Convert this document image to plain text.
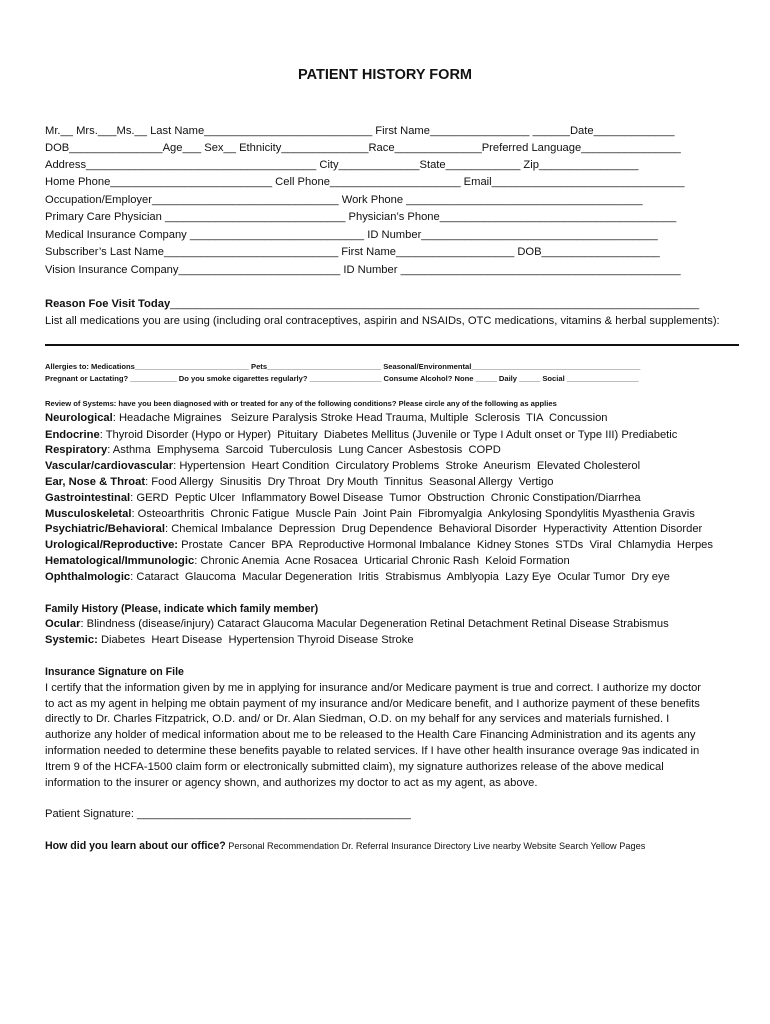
PATIENT HISTORY FORM
Mr.__ Mrs.___Ms.__ Last Name___________________________ First Name________________ ______Date_____________
DOB_______________Age___ Sex__ Ethnicity______________Race______________Preferred Language________________
Address_____________________________________ City_____________State____________ Zip________________
Home Phone__________________________ Cell Phone_____________________ Email_______________________________
Occupation/Employer______________________________ Work Phone ______________________________________
Primary Care Physician _____________________________ Physician’s Phone______________________________________
Medical Insurance Company ____________________________ ID Number______________________________________
Subscriber’s Last Name____________________________ First Name___________________ DOB___________________
Vision Insurance Company__________________________ ID Number _____________________________________________
Reason Foe Visit Today_____________________________________________________________________________________
List all medications you are using (including oral contraceptives, aspirin and NSAIDs, OTC medications, vitamins & herbal supplements):
Allergies to: Medications___________________________ Pets___________________________ Seasonal/Environmental________________________________________
Pregnant or Lactating? ___________ Do you smoke cigarettes regularly? _________________ Consume Alcohol? None _____ Daily _____ Social _________________
Review of Systems: have you been diagnosed with or treated for any of the following conditions? Please circle any of the following as applies
Neurological: Headache Migraines   Seizure Paralysis Stroke Head Trauma, Multiple  Sclerosis  TIA  Concussion
Endocrine: Thyroid Disorder (Hypo or Hyper)  Pituitary  Diabetes Mellitus (Juvenile or Type I Adult onset or Type III) Prediabetic
Respiratory: Asthma  Emphysema  Sarcoid  Tuberculosis  Lung Cancer  Asbestosis  COPD
Vascular/cardiovascular: Hypertension  Heart Condition  Circulatory Problems  Stroke  Aneurism  Elevated Cholesterol
Ear, Nose & Throat: Food Allergy  Sinusitis  Dry Throat  Dry Mouth  Tinnitus  Seasonal Allergy  Vertigo
Gastrointestinal: GERD  Peptic Ulcer  Inflammatory Bowel Disease  Tumor  Obstruction  Chronic Constipation/Diarrhea
Musculoskeletal: Osteoarthritis  Chronic Fatigue  Muscle Pain  Joint Pain  Fibromyalgia  Ankylosing Spondylitis Myasthenia Gravis
Psychiatric/Behavioral: Chemical Imbalance  Depression  Drug Dependence  Behavioral Disorder  Hyperactivity  Attention Disorder
Urological/Reproductive: Prostate  Cancer  BPA  Reproductive Hormonal Imbalance  Kidney Stones  STDs  Viral  Chlamydia  Herpes
Hematological/Immunologic: Chronic Anemia  Acne Rosacea  Urticarial Chronic Rash  Keloid Formation
Ophthalmologic: Cataract  Glaucoma  Macular Degeneration  Iritis  Strabismus  Amblyopia  Lazy Eye  Ocular Tumor  Dry eye
Family History (Please, indicate which family member)
Ocular: Blindness (disease/injury) Cataract Glaucoma Macular Degeneration Retinal Detachment Retinal Disease Strabismus
Systemic: Diabetes  Heart Disease  Hypertension Thyroid Disease Stroke
Insurance Signature on File
I certify that the information given by me in applying for insurance and/or Medicare payment is true and correct. I authorize my doctor
to act as my agent in helping me obtain payment of my insurance and/or Medicare benefit, and I authorize payment of these benefits
directly to Dr. Charles Fitzpatrick, O.D. and/ or Dr. Alan Siedman, O.D. on my behalf for any services and materials furnished. I
authorize any holder of medical information about me to be released to the Health Care Financing Administration and its agents any
information needed to determine these benefits payable to related services. If I have other health insurance overage 9as indicated in
Itrem 9 of the HCFA-1500 claim form or electronically submitted claim), my signature authorizes release of the above medical
information to the insurer or agency shown, and authorizes my doctor to act as my agent, as above.
Patient Signature: ____________________________________________
How did you learn about our office? Personal Recommendation Dr. Referral Insurance Directory Live nearby Website Search Yellow Pages
